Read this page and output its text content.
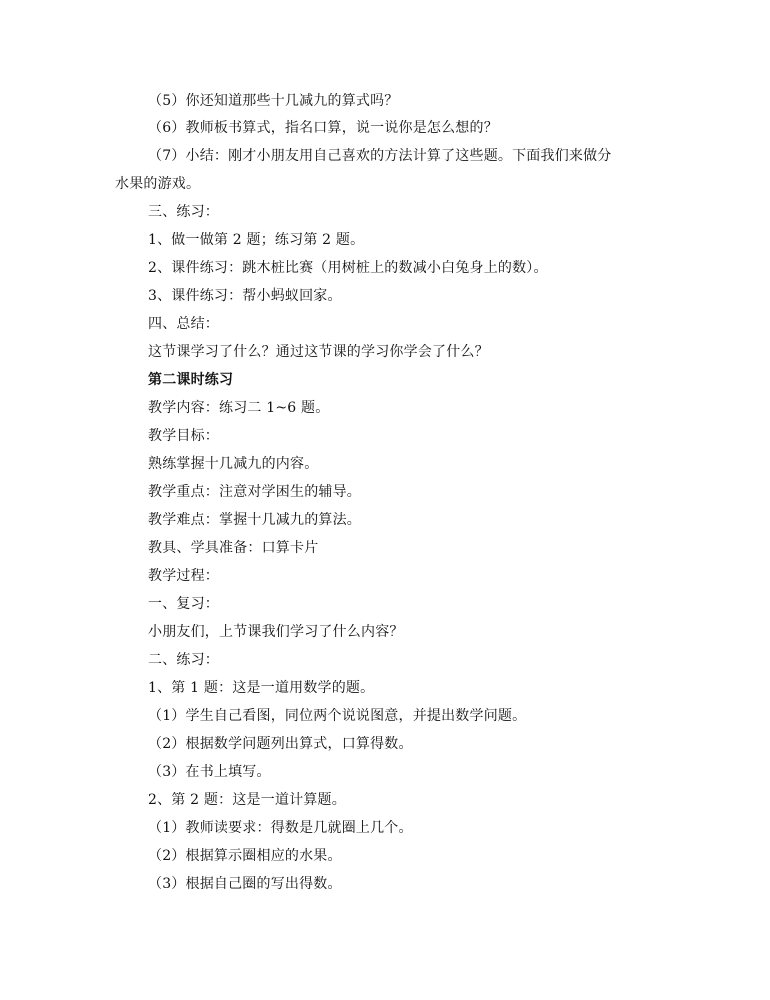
（5）你还知道那些十几减九的算式吗？
（6）教师板书算式，指名口算，说一说你是怎么想的？
（7）小结：刚才小朋友用自己喜欢的方法计算了这些题。下面我们来做分
水果的游戏。
三、练习：
1、做一做第 2 题；练习第 2 题。
2、课件练习：跳木桩比赛（用树桩上的数减小白兔身上的数）。
3、课件练习：帮小蚂蚁回家。
四、总结：
这节课学习了什么？通过这节课的学习你学会了什么？
第二课时练习
教学内容：练习二 1~6 题。
教学目标：
熟练掌握十几减九的内容。
教学重点：注意对学困生的辅导。
教学难点：掌握十几减九的算法。
教具、学具准备：口算卡片
教学过程：
一、复习：
小朋友们，上节课我们学习了什么内容？
二、练习：
1、第 1 题：这是一道用数学的题。
（1）学生自己看图，同位两个说说图意，并提出数学问题。
（2）根据数学问题列出算式，口算得数。
（3）在书上填写。
2、第 2 题：这是一道计算题。
（1）教师读要求：得数是几就圈上几个。
（2）根据算示圈相应的水果。
（3）根据自己圈的写出得数。
